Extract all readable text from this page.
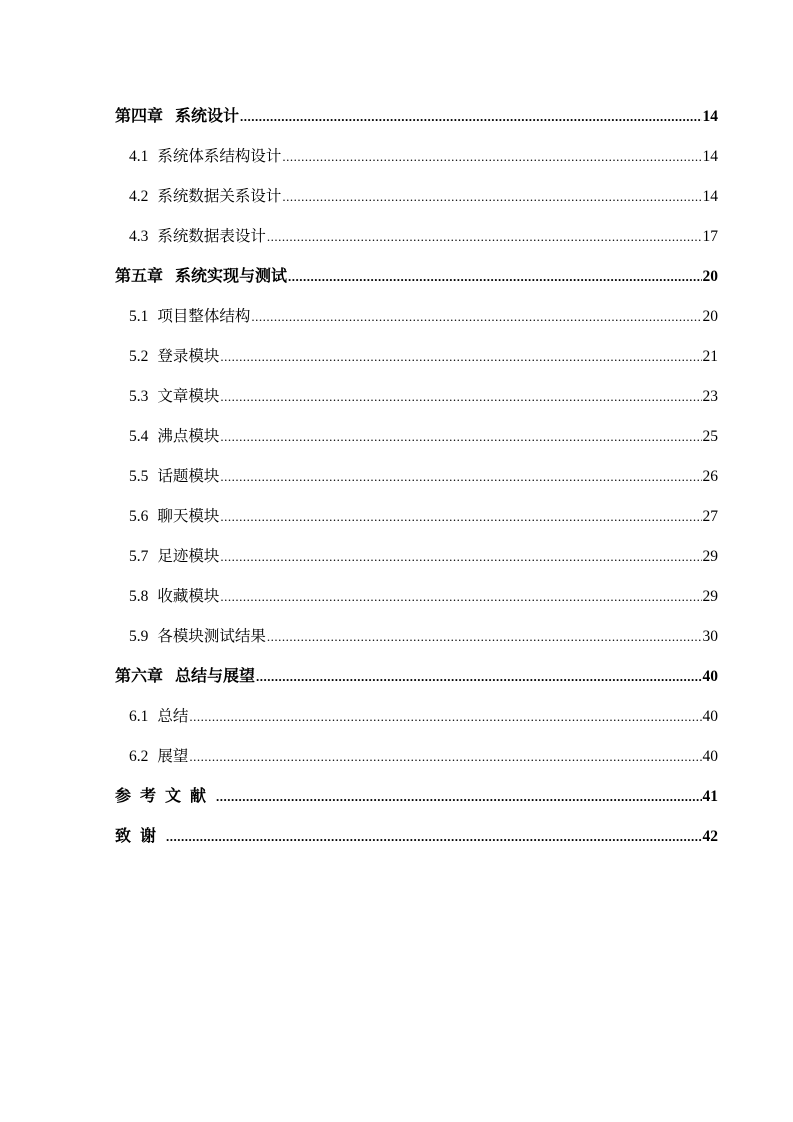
第四章 系统设计 .....	14
4.1 系统体系结构设计 .....	14
4.2 系统数据关系设计 .....	14
4.3 系统数据表设计 .....	17
第五章 系统实现与测试 .....	20
5.1 项目整体结构 .....	20
5.2 登录模块 .....	21
5.3 文章模块 .....	23
5.4 沸点模块 .....	25
5.5 话题模块 .....	26
5.6 聊天模块 .....	27
5.7 足迹模块 .....	29
5.8 收藏模块 .....	29
5.9 各模块测试结果 .....	30
第六章 总结与展望 .....	40
6.1 总结 .....	40
6.2 展望 .....	40
参考文献 .....	41
致谢 .....	42
